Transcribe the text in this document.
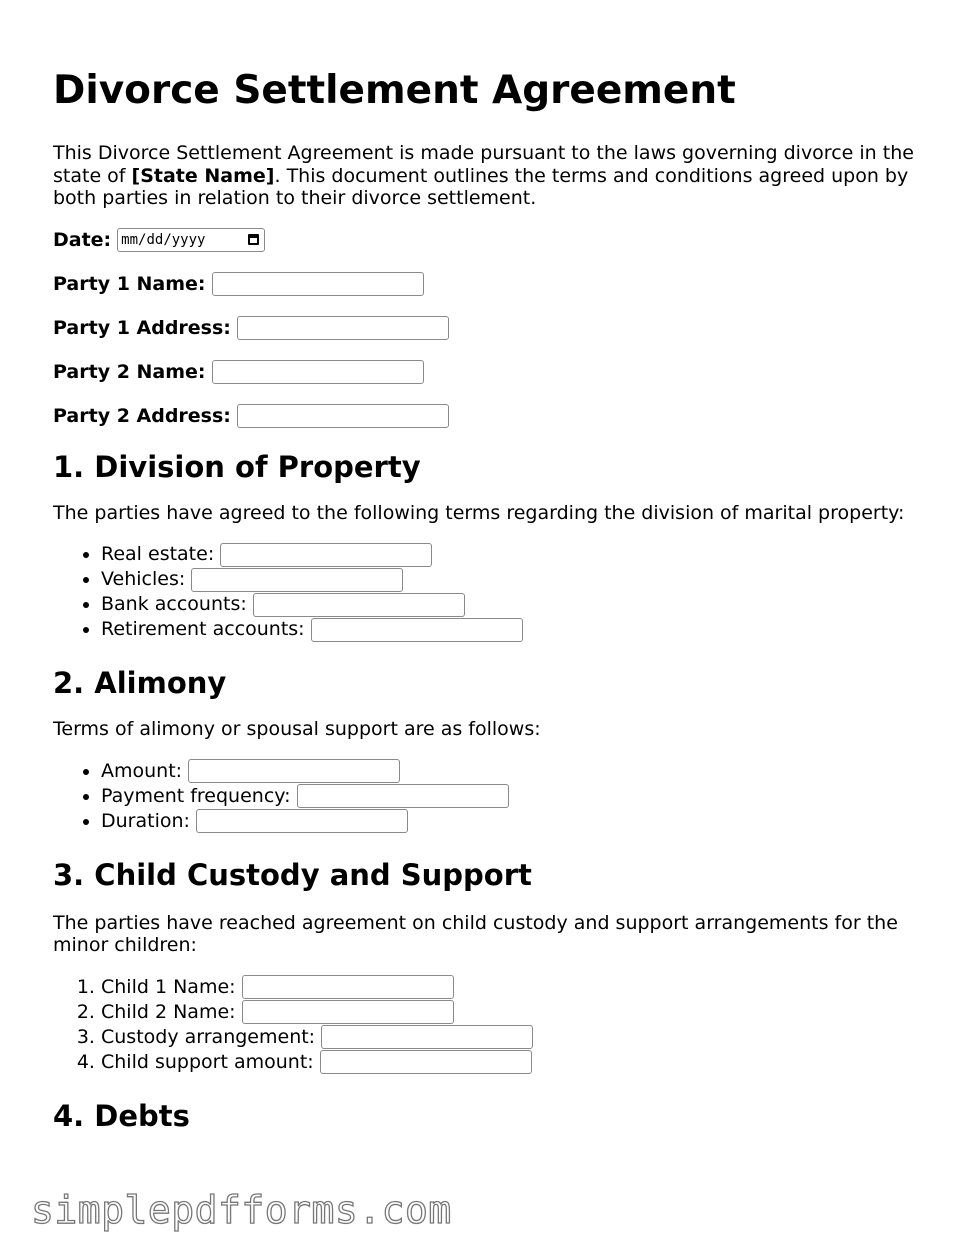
Divorce Settlement Agreement

This Divorce Settlement Agreement is made pursuant to the laws governing divorce in the state of [State Name]. This document outlines the terms and conditions agreed upon by both parties in relation to their divorce settlement.

Date: mm/dd/yyyy
Party 1 Name:
Party 1 Address:
Party 2 Name:
Party 2 Address:
1. Division of Property

The parties have agreed to the following terms regarding the division of marital property:

• Real estate:
• Vehicles:
• Bank accounts:
• Retirement accounts:
2. Alimony

Terms of alimony or spousal support are as follows:

• Amount:
• Payment frequency:
• Duration:
3. Child Custody and Support

The parties have reached agreement on child custody and support arrangements for the minor children:

1. Child 1 Name:
2. Child 2 Name:
3. Custody arrangement:
4. Child support amount:
4. Debts
simplepdfforms.com
